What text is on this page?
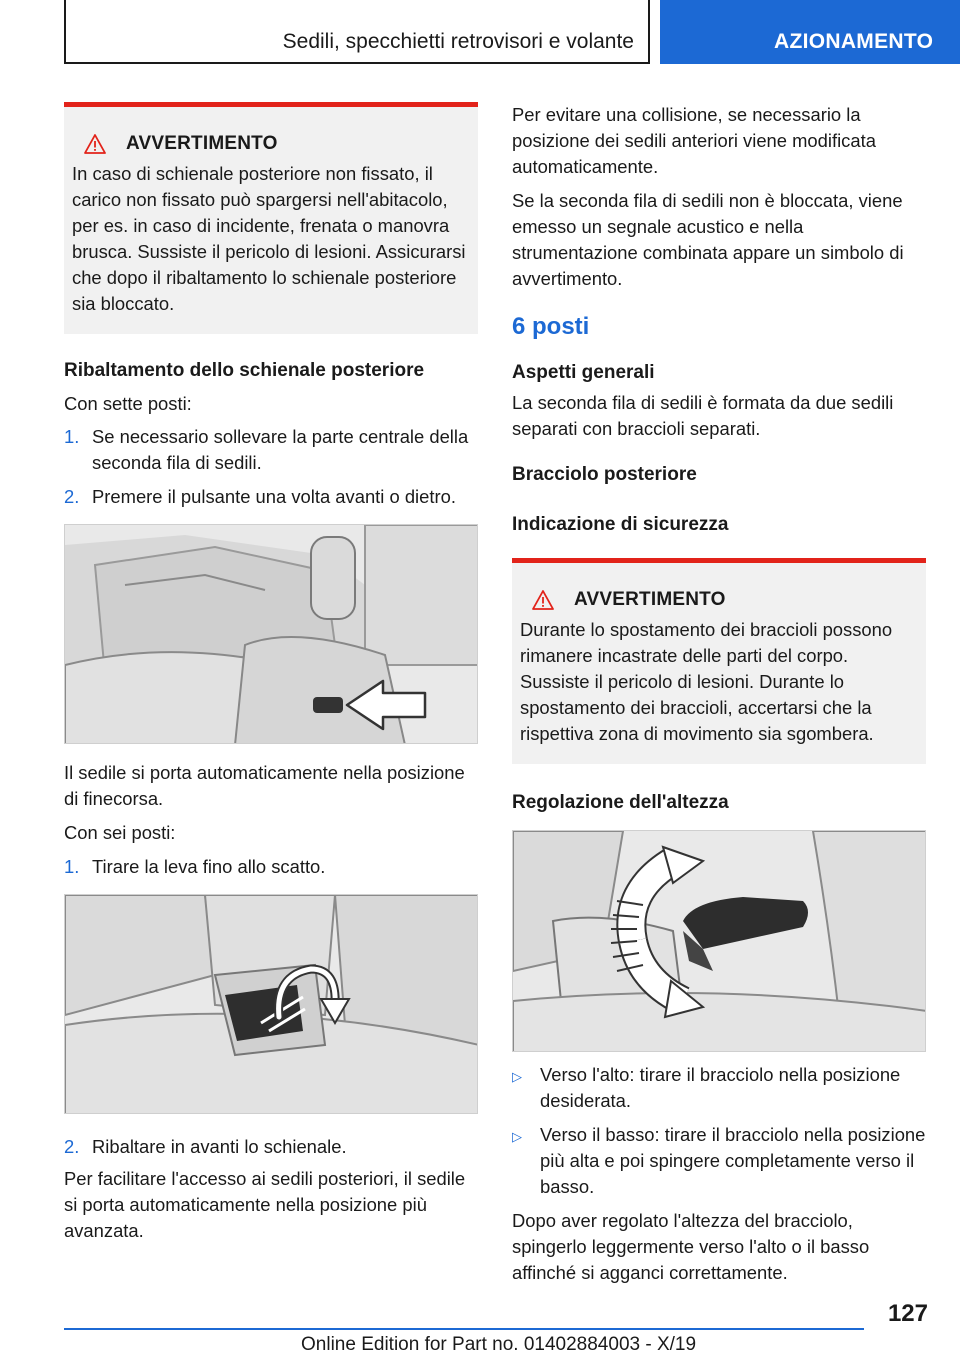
Sedili, specchietti retrovisori e volante	AZIONAMENTO
AVVERTIMENTO

In caso di schienale posteriore non fissato, il carico non fissato può spargersi nell'abitacolo, per es. in caso di incidente, frenata o manovra brusca. Sussiste il pericolo di lesioni. Assicurarsi che dopo il ribaltamento lo schienale posteriore sia bloccato.

Ribaltamento dello schienale posteriore

Con sette posti:

1. Se necessario sollevare la parte centrale della seconda fila di sedili.
2. Premere il pulsante una volta avanti o dietro.

Il sedile si porta automaticamente nella posizione di finecorsa.

Con sei posti:

1. Tirare la leva fino allo scatto.
2. Ribaltare in avanti lo schienale.

Per facilitare l'accesso ai sedili posteriori, il sedile si porta automaticamente nella posizione più avanzata.

Per evitare una collisione, se necessario la posizione dei sedili anteriori viene modificata automaticamente.

Se la seconda fila di sedili non è bloccata, viene emesso un segnale acustico e nella strumentazione combinata appare un simbolo di avvertimento.

6 posti

Aspetti generali

La seconda fila di sedili è formata da due sedili separati con braccioli separati.

Bracciolo posteriore

Indicazione di sicurezza

AVVERTIMENTO

Durante lo spostamento dei braccioli possono rimanere incastrate delle parti del corpo. Sussiste il pericolo di lesioni. Durante lo spostamento dei braccioli, accertarsi che la rispettiva zona di movimento sia sgombera.

Regolazione dell'altezza

▷ Verso l'alto: tirare il bracciolo nella posizione desiderata.
▷ Verso il basso: tirare il bracciolo nella posizione più alta e poi spingere completamente verso il basso.

Dopo aver regolato l'altezza del bracciolo, spingerlo leggermente verso l'alto o il basso affinché si agganci correttamente.

127
Online Edition for Part no. 01402884003 - X/19
